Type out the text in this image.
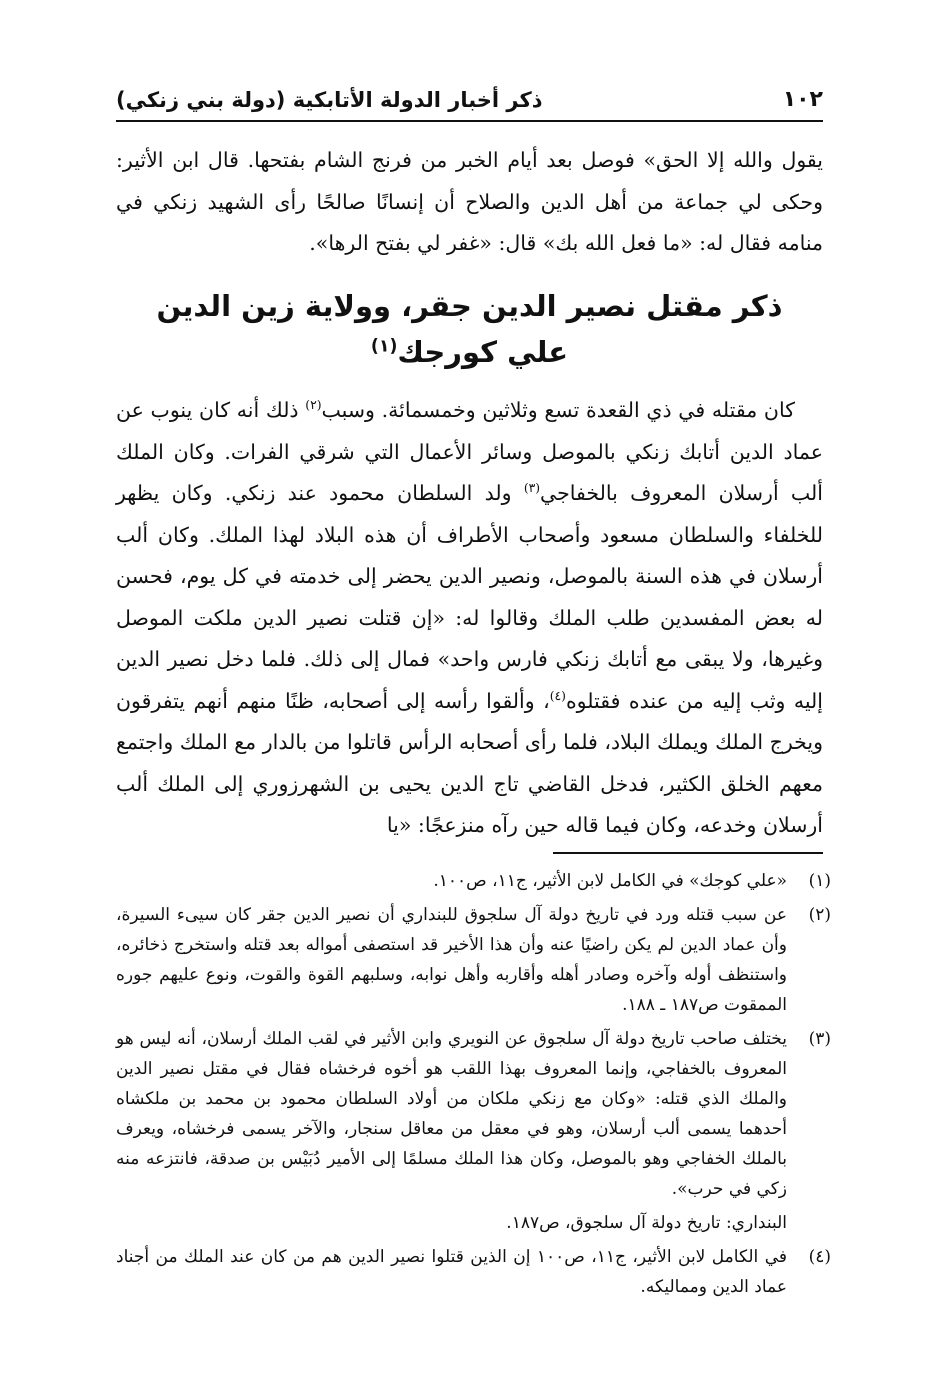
١٠٢
ذكر أخبار الدولة الأتابكية (دولة بني زنكي)

يقول والله إلا الحق» فوصل بعد أيام الخبر من فرنج الشام بفتحها. قال ابن الأثير: وحكى لي جماعة من أهل الدين والصلاح أن إنسانًا صالحًا رأى الشهيد زنكي في منامه فقال له: «ما فعل الله بك» قال: «غفر لي بفتح الرها».

ذكر مقتل نصير الدين جقر، وولاية زين الدين
علي كورجك$^{(١)}$

كان مقتله في ذي القعدة تسع وثلاثين وخمسمائة. وسبب$^{(٢)}$ ذلك أنه كان ينوب عن عماد الدين أتابك زنكي بالموصل وسائر الأعمال التي شرقي الفرات. وكان الملك ألب أرسلان المعروف بالخفاجي$^{(٣)}$ ولد السلطان محمود عند زنكي. وكان يظهر للخلفاء والسلطان مسعود وأصحاب الأطراف أن هذه البلاد لهذا الملك. وكان ألب أرسلان في هذه السنة بالموصل، ونصير الدين يحضر إلى خدمته في كل يوم، فحسن له بعض المفسدين طلب الملك وقالوا له: «إن قتلت نصير الدين ملكت الموصل وغيرها، ولا يبقى مع أتابك زنكي فارس واحد» فمال إلى ذلك. فلما دخل نصير الدين إليه وثب إليه من عنده فقتلوه$^{(٤)}$، وألقوا رأسه إلى أصحابه، ظنًا منهم أنهم يتفرقون ويخرج الملك ويملك البلاد، فلما رأى أصحابه الرأس قاتلوا من بالدار مع الملك واجتمع معهم الخلق الكثير، فدخل القاضي تاج الدين يحيى بن الشهرزوري إلى الملك ألب أرسلان وخدعه، وكان فيما قاله حين رآه منزعجًا: «يا

(١)
«علي كوجك» في الكامل لابن الأثير، ج١١، ص١٠٠.
(٢)
عن سبب قتله ورد في تاريخ دولة آل سلجوق للبنداري أن نصير الدين جقر كان سيىء السيرة، وأن عماد الدين لم يكن راضيًا عنه وأن هذا الأخير قد استصفى أمواله بعد قتله واستخرج ذخائره، واستنظف أوله وآخره وصادر أهله وأقاربه وأهل نوابه، وسلبهم القوة والقوت، ونوع عليهم جوره الممقوت ص١٨٧ ـ ١٨٨.
(٣)
يختلف صاحب تاريخ دولة آل سلجوق عن النويري وابن الأثير في لقب الملك أرسلان، أنه ليس هو المعروف بالخفاجي، وإنما المعروف بهذا اللقب هو أخوه فرخشاه فقال في مقتل نصير الدين والملك الذي قتله: «وكان مع زنكي ملكان من أولاد السلطان محمود بن محمد بن ملكشاه أحدهما يسمى ألب أرسلان، وهو في معقل من معاقل سنجار، والآخر يسمى فرخشاه، ويعرف بالملك الخفاجي وهو بالموصل، وكان هذا الملك مسلمًا إلى الأمير دُبَيْس بن صدقة، فانتزعه منه زكي في حرب».
البنداري: تاريخ دولة آل سلجوق، ص١٨٧.
(٤)
في الكامل لابن الأثير، ج١١، ص١٠٠ إن الذين قتلوا نصير الدين هم من كان عند الملك من أجناد عماد الدين ومماليكه.
